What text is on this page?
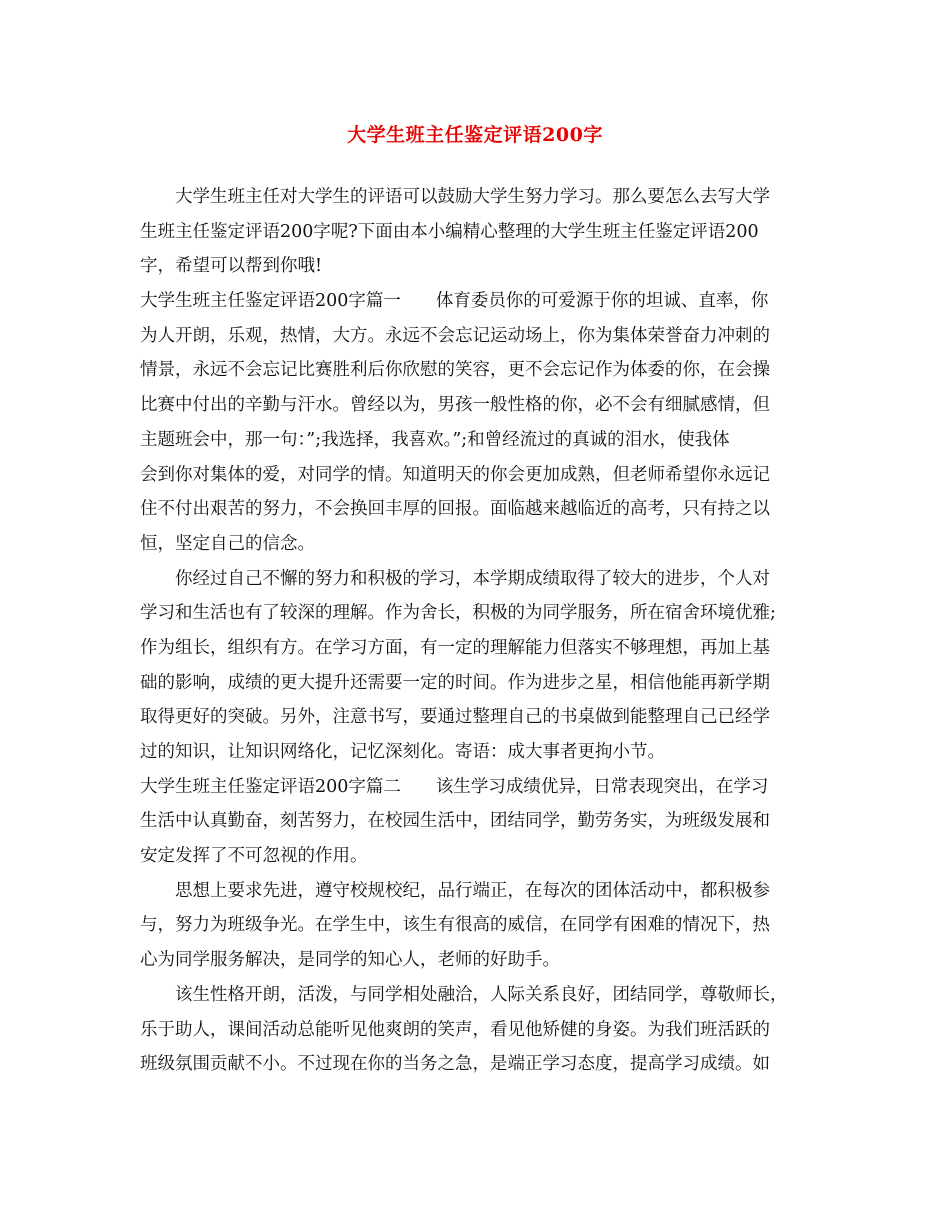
大学生班主任鉴定评语200字
大学生班主任对大学生的评语可以鼓励大学生努力学习。那么要怎么去写大学
生班主任鉴定评语200字呢?下面由本小编精心整理的大学生班主任鉴定评语200
字，希望可以帮到你哦!
大学生班主任鉴定评语200字篇一　　体育委员你的可爱源于你的坦诚、直率，你
为人开朗，乐观，热情，大方。永远不会忘记运动场上，你为集体荣誉奋力冲刺的
情景，永远不会忘记比赛胜利后你欣慰的笑容，更不会忘记作为体委的你，在会操
比赛中付出的辛勤与汗水。曾经以为，男孩一般性格的你，必不会有细腻感情，但
主题班会中，那一句：”;我选择，我喜欢。”;和曾经流过的真诚的泪水，使我体
会到你对集体的爱，对同学的情。知道明天的你会更加成熟，但老师希望你永远记
住不付出艰苦的努力，不会换回丰厚的回报。面临越来越临近的高考，只有持之以
恒，坚定自己的信念。
你经过自己不懈的努力和积极的学习，本学期成绩取得了较大的进步，个人对
学习和生活也有了较深的理解。作为舍长，积极的为同学服务，所在宿舍环境优雅;
作为组长，组织有方。在学习方面，有一定的理解能力但落实不够理想，再加上基
础的影响，成绩的更大提升还需要一定的时间。作为进步之星，相信他能再新学期
取得更好的突破。另外，注意书写，要通过整理自己的书桌做到能整理自己已经学
过的知识，让知识网络化，记忆深刻化。寄语：成大事者更拘小节。
大学生班主任鉴定评语200字篇二　　该生学习成绩优异，日常表现突出，在学习
生活中认真勤奋，刻苦努力，在校园生活中，团结同学，勤劳务实，为班级发展和
安定发挥了不可忽视的作用。
思想上要求先进，遵守校规校纪，品行端正，在每次的团体活动中，都积极参
与，努力为班级争光。在学生中，该生有很高的威信，在同学有困难的情况下，热
心为同学服务解决，是同学的知心人，老师的好助手。
该生性格开朗，活泼，与同学相处融洽，人际关系良好，团结同学，尊敬师长，
乐于助人，课间活动总能听见他爽朗的笑声，看见他矫健的身姿。为我们班活跃的
班级氛围贡献不小。不过现在你的当务之急，是端正学习态度，提高学习成绩。如
